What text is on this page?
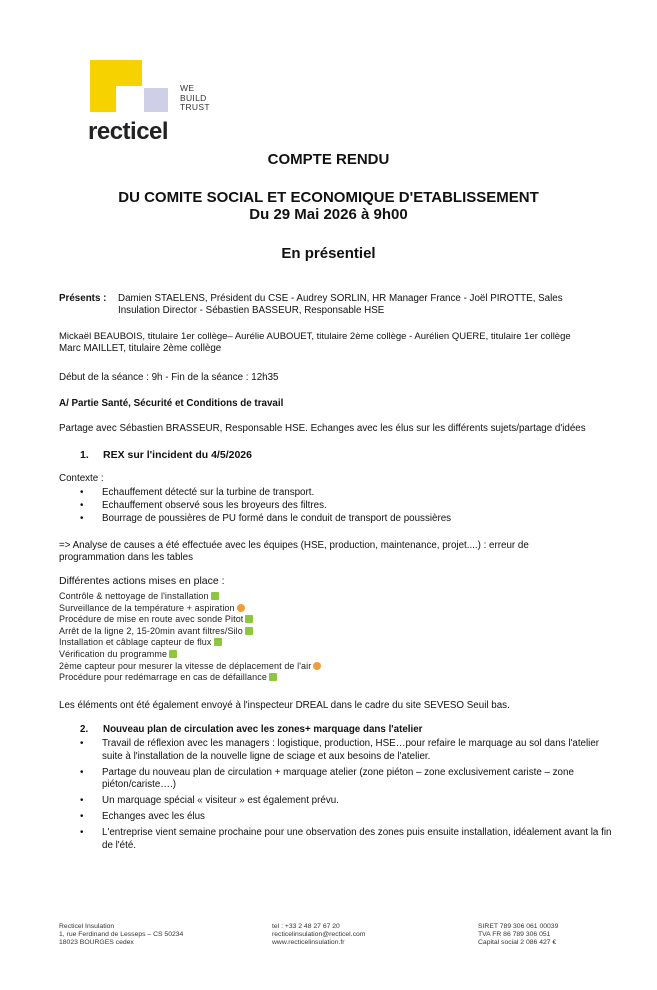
WE
BUILD
TRUST
recticel
COMPTE RENDU
DU COMITE SOCIAL ET ECONOMIQUE D'ETABLISSEMENT
Du 29 Mai 2026 à 9h00
En présentiel
Présents : Damien STAELENS, Président du CSE - Audrey SORLIN, HR Manager France - Joël PIROTTE, Sales
Insulation Director - Sébastien BASSEUR, Responsable HSE
Mickaël BEAUBOIS, titulaire 1er collège– Aurélie AUBOUET, titulaire 2ème collège - Aurélien QUERE, titulaire 1er collège
Marc MAILLET, titulaire 2ème collège
Début de la séance : 9h - Fin de la séance : 12h35
A/ Partie Santé, Sécurité et Conditions de travail
Partage avec Sébastien BRASSEUR, Responsable HSE. Echanges avec les élus sur les différents sujets/partage d'idées
1. REX sur l'incident du 4/5/2026
Contexte :
• Echauffement détecté sur la turbine de transport.
• Echauffement observé sous les broyeurs des filtres.
• Bourrage de poussières de PU formé dans le conduit de transport de poussières
=> Analyse de causes a été effectuée avec les équipes (HSE, production, maintenance, projet....) : erreur de
programmation dans les tables
Différentes actions mises en place :
Contrôle & nettoyage de l'installation
Surveillance de la température + aspiration
Procédure de mise en route avec sonde Pitot
Arrêt de la ligne 2, 15-20min avant filtres/Silo
Installation et câblage capteur de flux
Vérification du programme
2ème capteur pour mesurer la vitesse de déplacement de l'air
Procédure pour redémarrage en cas de défaillance
Les éléments ont été également envoyé à l'inspecteur DREAL dans le cadre du site SEVESO Seuil bas.
2. Nouveau plan de circulation avec les zones+ marquage dans l'atelier
• Travail de réflexion avec les managers : logistique, production, HSE…pour refaire le marquage au sol dans l'atelier suite à l'installation de la nouvelle ligne de sciage et aux besoins de l'atelier.
• Partage du nouveau plan de circulation + marquage atelier (zone piéton – zone exclusivement cariste – zone piéton/cariste….)
• Un marquage spécial « visiteur » est également prévu.
• Echanges avec les élus
• L'entreprise vient semaine prochaine pour une observation des zones puis ensuite installation, idéalement avant la fin de l'été.
Recticel Insulation
1, rue Ferdinand de Lesseps – CS 50234
18023 BOURGES cedex
tel : +33 2 48 27 67 20
recticelinsulation@recticel.com
www.recticelinsulation.fr
SIRET 789 306 061 00039
TVA FR 86 789 306 051
Capital social 2 086 427 €
